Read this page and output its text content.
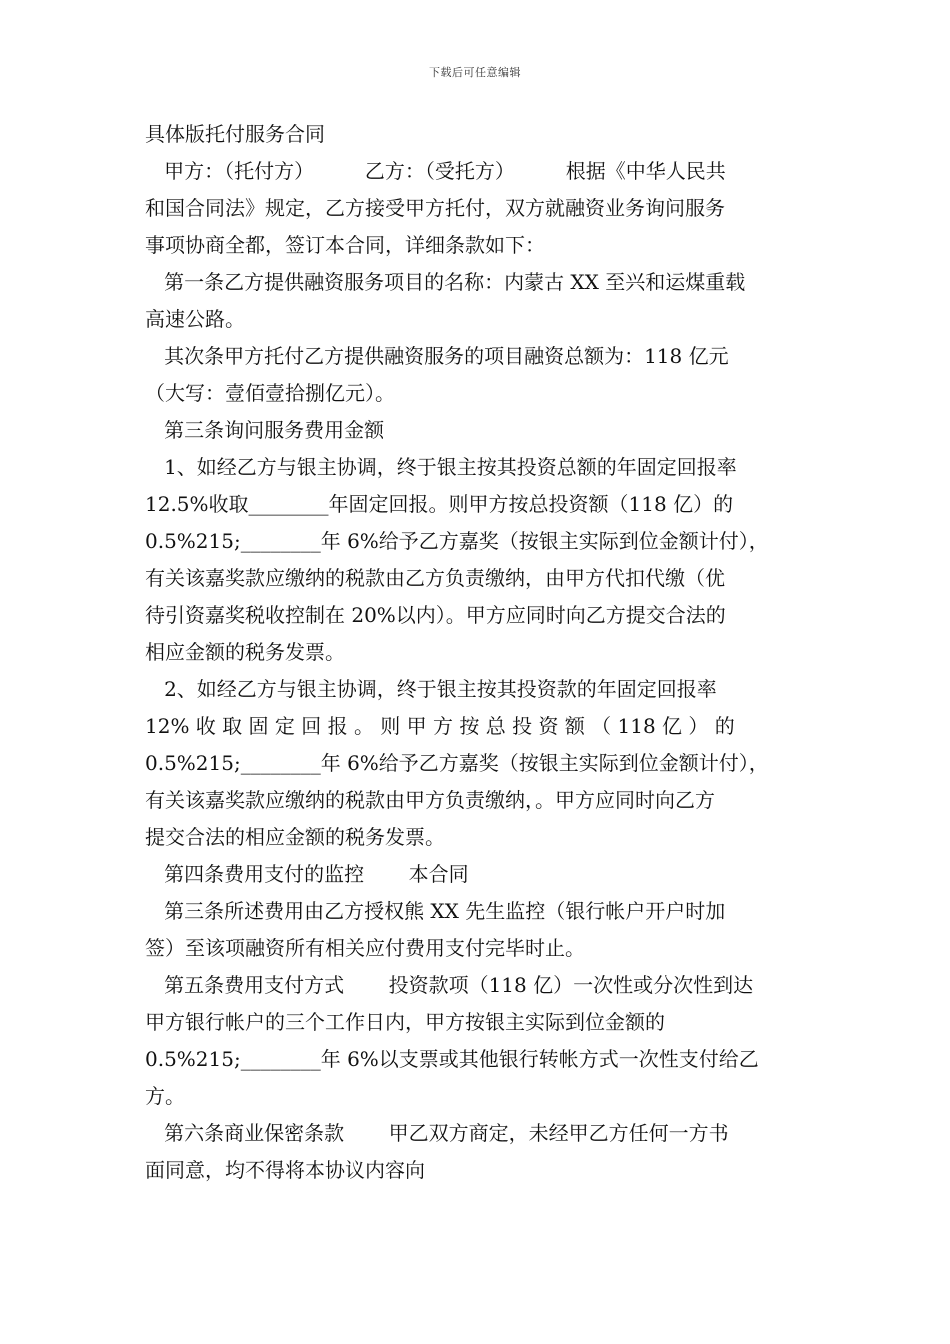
下载后可任意编辑
具体版托付服务合同
甲方：（托付方）        乙方：（受托方）        根据《中华人民共
和国合同法》规定，乙方接受甲方托付，双方就融资业务询问服务
事项协商全都，签订本合同，详细条款如下：
第一条乙方提供融资服务项目的名称：内蒙古 XX 至兴和运煤重载
高速公路。
其次条甲方托付乙方提供融资服务的项目融资总额为：118 亿元
（大写：壹佰壹拾捌亿元）。
第三条询问服务费用金额
1、如经乙方与银主协调，终于银主按其投资总额的年固定回报率
12.5%收取________年固定回报。则甲方按总投资额（118 亿）的
0.5%215;________年 6%给予乙方嘉奖（按银主实际到位金额计付），
有关该嘉奖款应缴纳的税款由乙方负责缴纳，由甲方代扣代缴（优
待引资嘉奖税收控制在 20%以内）。甲方应同时向乙方提交合法的
相应金额的税务发票。
2、如经乙方与银主协调，终于银主按其投资款的年固定回报率
12% 收 取 固 定 回 报 。 则 甲 方 按 总 投 资 额 （ 118 亿 ） 的
0.5%215;________年 6%给予乙方嘉奖（按银主实际到位金额计付），
有关该嘉奖款应缴纳的税款由甲方负责缴纳，。甲方应同时向乙方
提交合法的相应金额的税务发票。
第四条费用支付的监控       本合同
第三条所述费用由乙方授权熊 XX 先生监控（银行帐户开户时加
签）至该项融资所有相关应付费用支付完毕时止。
第五条费用支付方式       投资款项（118 亿）一次性或分次性到达
甲方银行帐户的三个工作日内，甲方按银主实际到位金额的
0.5%215;________年 6%以支票或其他银行转帐方式一次性支付给乙
方。
第六条商业保密条款       甲乙双方商定，未经甲乙方任何一方书
面同意，均不得将本协议内容向
